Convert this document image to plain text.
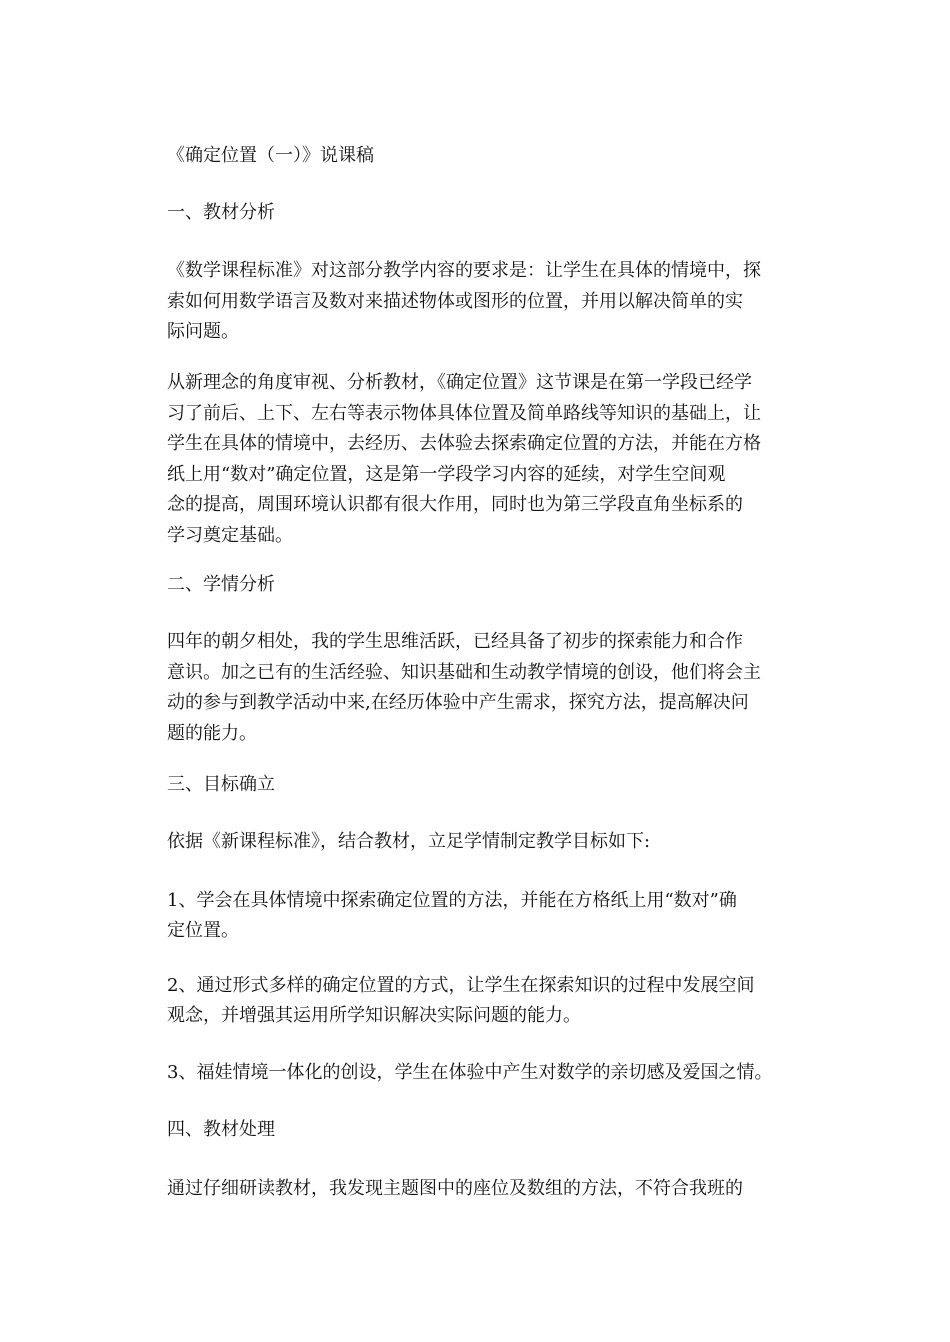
《确定位置（一）》说课稿

一、教材分析

《数学课程标准》对这部分教学内容的要求是：让学生在具体的情境中，探

索如何用数学语言及数对来描述物体或图形的位置，并用以解决简单的实

际问题。

从新理念的角度审视、分析教材，《确定位置》这节课是在第一学段已经学

习了前后、上下、左右等表示物体具体位置及简单路线等知识的基础上，让

学生在具体的情境中，去经历、去体验去探索确定位置的方法，并能在方格

纸上用“数对”确定位置，这是第一学段学习内容的延续，对学生空间观

念的提高，周围环境认识都有很大作用，同时也为第三学段直角坐标系的

学习奠定基础。

二、学情分析

四年的朝夕相处，我的学生思维活跃，已经具备了初步的探索能力和合作

意识。加之已有的生活经验、知识基础和生动教学情境的创设，他们将会主

动的参与到教学活动中来,在经历体验中产生需求，探究方法，提高解决问

题的能力。

三、目标确立

依据《新课程标准》，结合教材，立足学情制定教学目标如下:

1、学会在具体情境中探索确定位置的方法，并能在方格纸上用“数对”确

定位置。

2、通过形式多样的确定位置的方式，让学生在探索知识的过程中发展空间

观念，并增强其运用所学知识解决实际问题的能力。

3、福娃情境一体化的创设，学生在体验中产生对数学的亲切感及爱国之情。

四、教材处理

通过仔细研读教材，我发现主题图中的座位及数组的方法，不符合我班的
